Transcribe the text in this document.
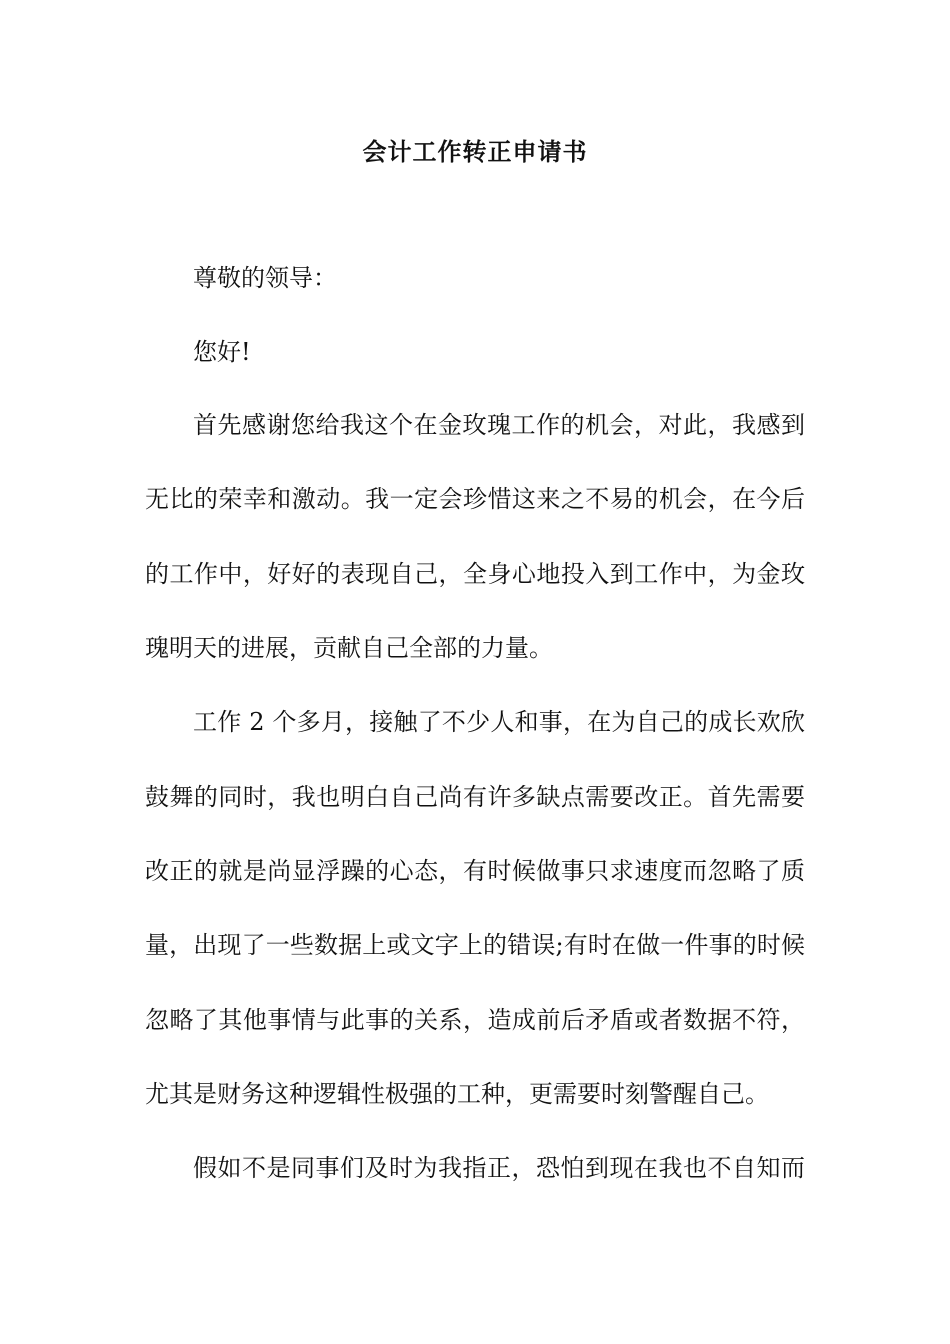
会计工作转正申请书
尊敬的领导：
您好!
首先感谢您给我这个在金玫瑰工作的机会，对此，我感到
无比的荣幸和激动。我一定会珍惜这来之不易的机会，在今后
的工作中，好好的表现自己，全身心地投入到工作中，为金玫
瑰明天的进展，贡献自己全部的力量。
工作 2 个多月，接触了不少人和事，在为自己的成长欢欣
鼓舞的同时，我也明白自己尚有许多缺点需要改正。首先需要
改正的就是尚显浮躁的心态，有时候做事只求速度而忽略了质
量，出现了一些数据上或文字上的错误;有时在做一件事的时候
忽略了其他事情与此事的关系，造成前后矛盾或者数据不符，
尤其是财务这种逻辑性极强的工种，更需要时刻警醒自己。
假如不是同事们及时为我指正，恐怕到现在我也不自知而
